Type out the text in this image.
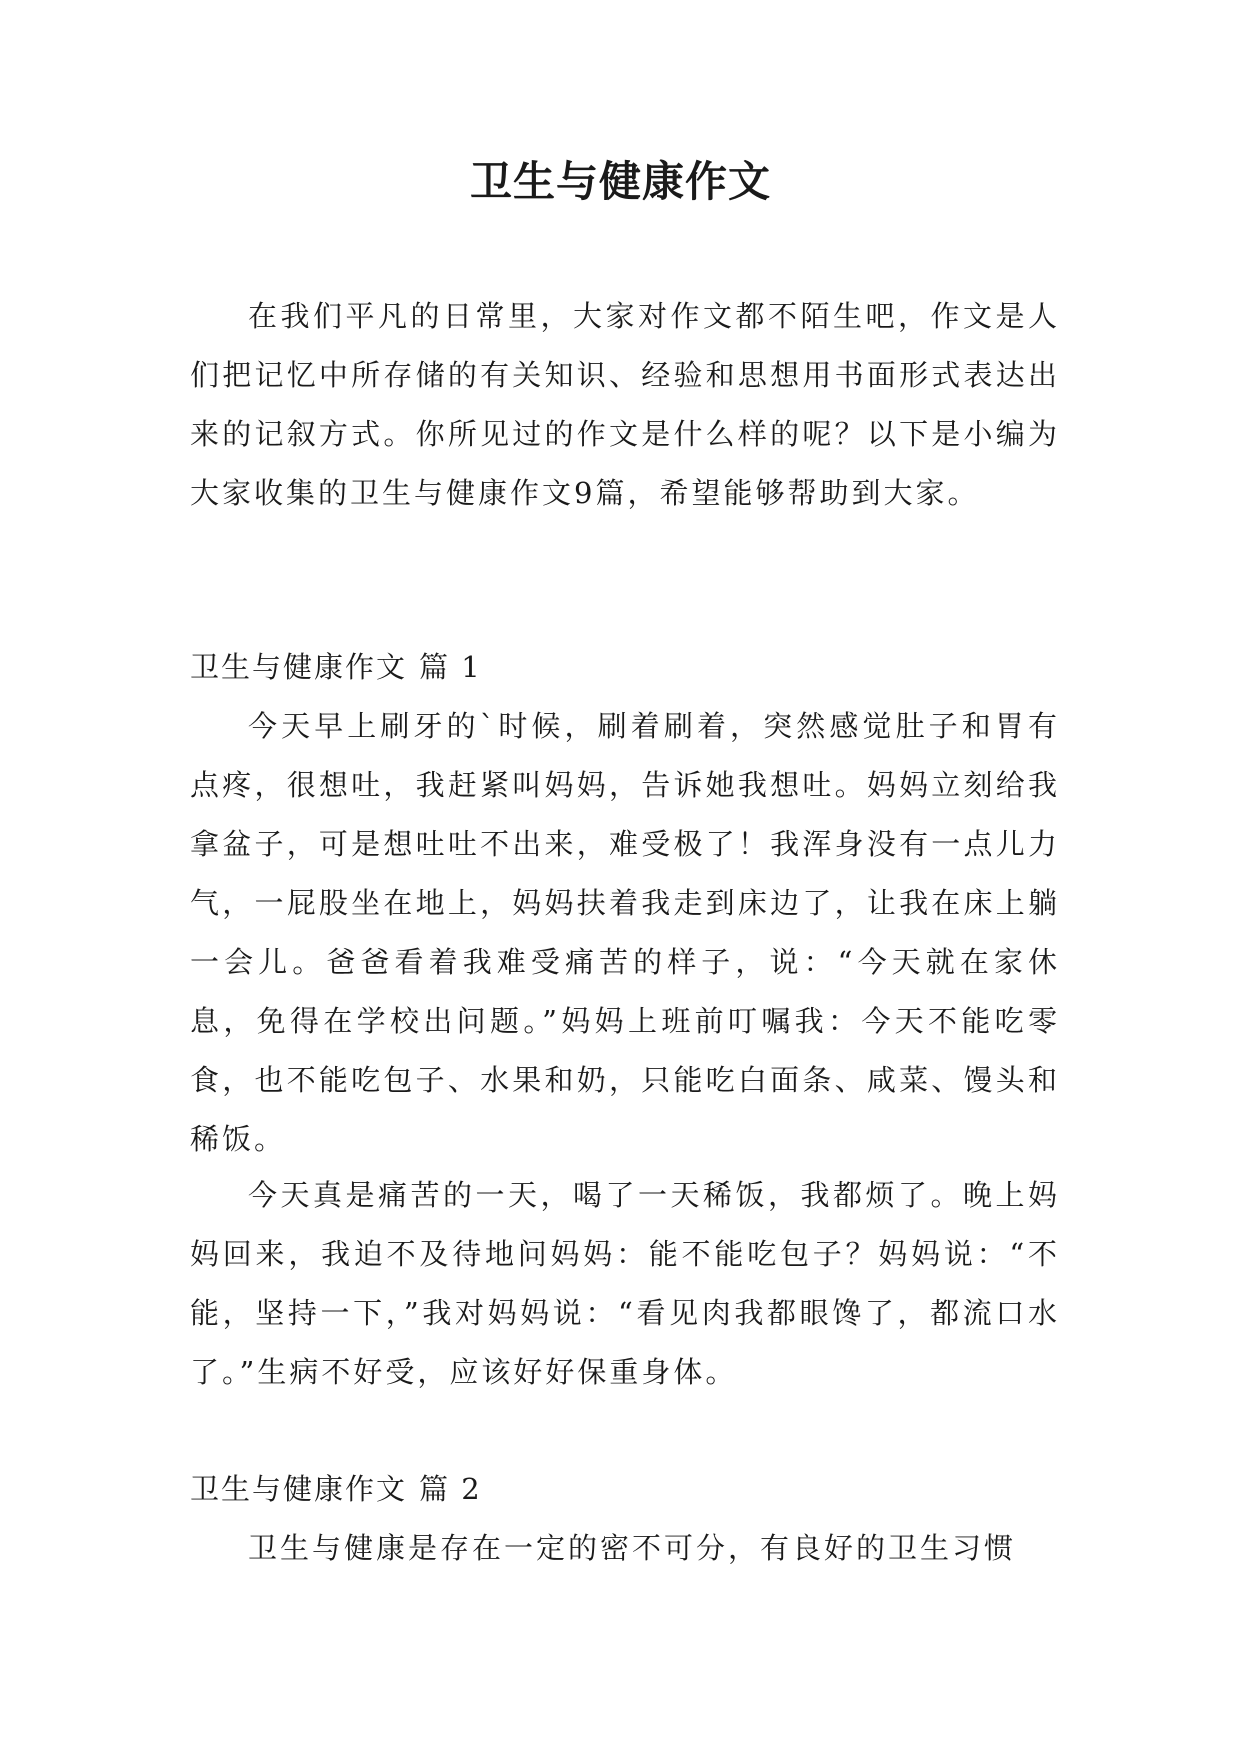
卫生与健康作文

在我们平凡的日常里，大家对作文都不陌生吧，作文是人们把记忆中所存储的有关知识、经验和思想用书面形式表达出来的记叙方式。你所见过的作文是什么样的呢？以下是小编为大家收集的卫生与健康作文9篇，希望能够帮助到大家。

卫生与健康作文 篇 1

今天早上刷牙的`时候，刷着刷着，突然感觉肚子和胃有点疼，很想吐，我赶紧叫妈妈，告诉她我想吐。妈妈立刻给我拿盆子，可是想吐吐不出来，难受极了！我浑身没有一点儿力气，一屁股坐在地上，妈妈扶着我走到床边了，让我在床上躺一会儿。爸爸看着我难受痛苦的样子，说：“今天就在家休息，免得在学校出问题。”妈妈上班前叮嘱我：今天不能吃零食，也不能吃包子、水果和奶，只能吃白面条、咸菜、馒头和稀饭。

今天真是痛苦的一天，喝了一天稀饭，我都烦了。晚上妈妈回来，我迫不及待地问妈妈：能不能吃包子？妈妈说：“不能，坚持一下，”我对妈妈说：“看见肉我都眼馋了，都流口水了。”生病不好受，应该好好保重身体。

卫生与健康作文 篇 2

卫生与健康是存在一定的密不可分，有良好的卫生习惯
